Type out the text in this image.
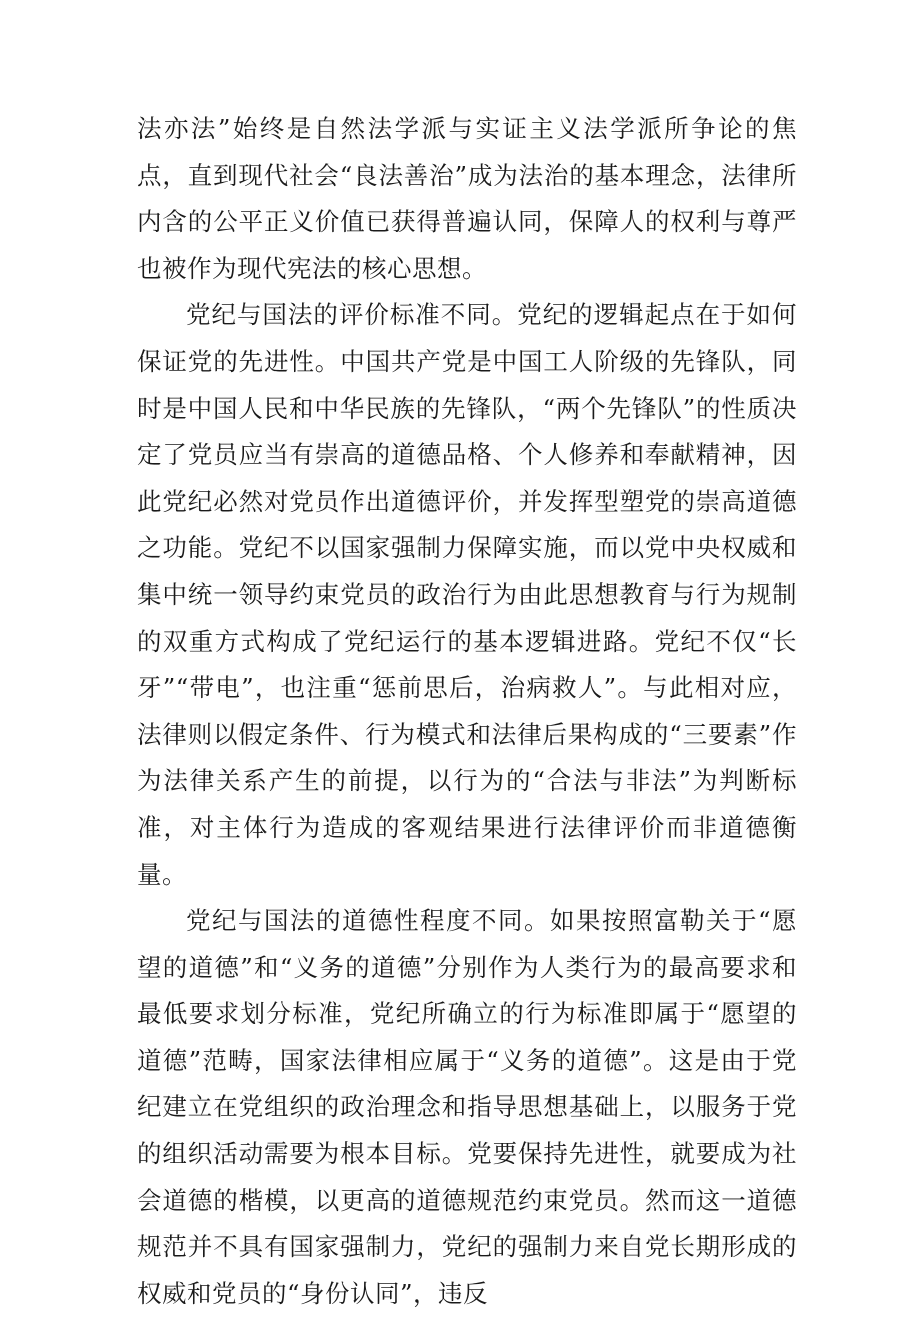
法亦法”始终是自然法学派与实证主义法学派所争论的焦点，直到现代社会“良法善治”成为法治的基本理念，法律所内含的公平正义价值已获得普遍认同，保障人的权利与尊严也被作为现代宪法的核心思想。

党纪与国法的评价标准不同。党纪的逻辑起点在于如何保证党的先进性。中国共产党是中国工人阶级的先锋队，同时是中国人民和中华民族的先锋队，“两个先锋队”的性质决定了党员应当有崇高的道德品格、个人修养和奉献精神，因此党纪必然对党员作出道德评价，并发挥型塑党的崇高道德之功能。党纪不以国家强制力保障实施，而以党中央权威和集中统一领导约束党员的政治行为由此思想教育与行为规制的双重方式构成了党纪运行的基本逻辑进路。党纪不仅“长牙”“带电”，也注重“惩前思后，治病救人”。与此相对应，法律则以假定条件、行为模式和法律后果构成的“三要素”作为法律关系产生的前提，以行为的“合法与非法”为判断标准，对主体行为造成的客观结果进行法律评价而非道德衡量。

党纪与国法的道德性程度不同。如果按照富勒关于“愿望的道德”和“义务的道德”分别作为人类行为的最高要求和最低要求划分标准，党纪所确立的行为标准即属于“愿望的道德”范畴，国家法律相应属于“义务的道德”。这是由于党纪建立在党组织的政治理念和指导思想基础上，以服务于党的组织活动需要为根本目标。党要保持先进性，就要成为社会道德的楷模，以更高的道德规范约束党员。然而这一道德规范并不具有国家强制力，党纪的强制力来自党长期形成的权威和党员的“身份认同”，违反
